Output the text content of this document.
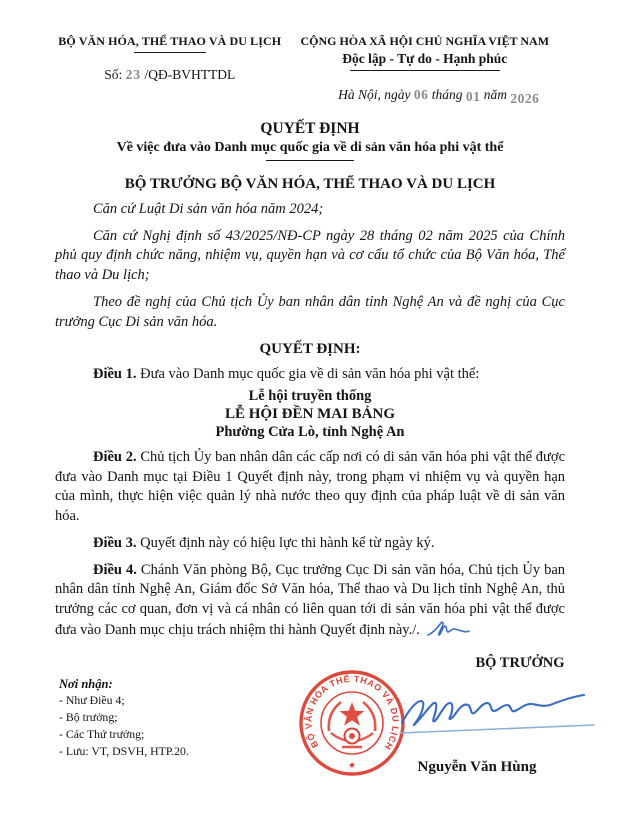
BỘ VĂN HÓA, THỂ THAO VÀ DU LỊCH
Số: 23 /QĐ-BVHTTDL
CỘNG HÒA XÃ HỘI CHỦ NGHĨA VIỆT NAM
Độc lập - Tự do - Hạnh phúc
Hà Nội, ngày 06 tháng 01 năm 2026
QUYẾT ĐỊNH
Về việc đưa vào Danh mục quốc gia về di sản văn hóa phi vật thể
BỘ TRƯỞNG BỘ VĂN HÓA, THỂ THAO VÀ DU LỊCH

Căn cứ Luật Di sản văn hóa năm 2024;

Căn cứ Nghị định số 43/2025/NĐ-CP ngày 28 tháng 02 năm 2025 của Chính phủ quy định chức năng, nhiệm vụ, quyền hạn và cơ cấu tổ chức của Bộ Văn hóa, Thể thao và Du lịch;

Theo đề nghị của Chủ tịch Ủy ban nhân dân tỉnh Nghệ An và đề nghị của Cục trưởng Cục Di sản văn hóa.

QUYẾT ĐỊNH:

Điều 1. Đưa vào Danh mục quốc gia về di sản văn hóa phi vật thể:

Lễ hội truyền thống
LỄ HỘI ĐỀN MAI BẢNG
Phường Cửa Lò, tỉnh Nghệ An

Điều 2. Chủ tịch Ủy ban nhân dân các cấp nơi có di sản văn hóa phi vật thể được đưa vào Danh mục tại Điều 1 Quyết định này, trong phạm vi nhiệm vụ và quyền hạn của mình, thực hiện việc quản lý nhà nước theo quy định của pháp luật về di sản văn hóa.

Điều 3. Quyết định này có hiệu lực thi hành kể từ ngày ký.

Điều 4. Chánh Văn phòng Bộ, Cục trưởng Cục Di sản văn hóa, Chủ tịch Ủy ban nhân dân tỉnh Nghệ An, Giám đốc Sở Văn hóa, Thể thao và Du lịch tỉnh Nghệ An, thủ trưởng các cơ quan, đơn vị và cá nhân có liên quan tới di sản văn hóa phi vật thể được đưa vào Danh mục chịu trách nhiệm thi hành Quyết định này./.

BỘ TRƯỞNG
Nơi nhận:
- Như Điều 4;
- Bộ trưởng;
- Các Thứ trưởng;
- Lưu: VT, DSVH, HTP.20.
BỘ VĂN HÓA THỂ THAO VÀ DU LỊCH
★	Nguyễn Văn Hùng
